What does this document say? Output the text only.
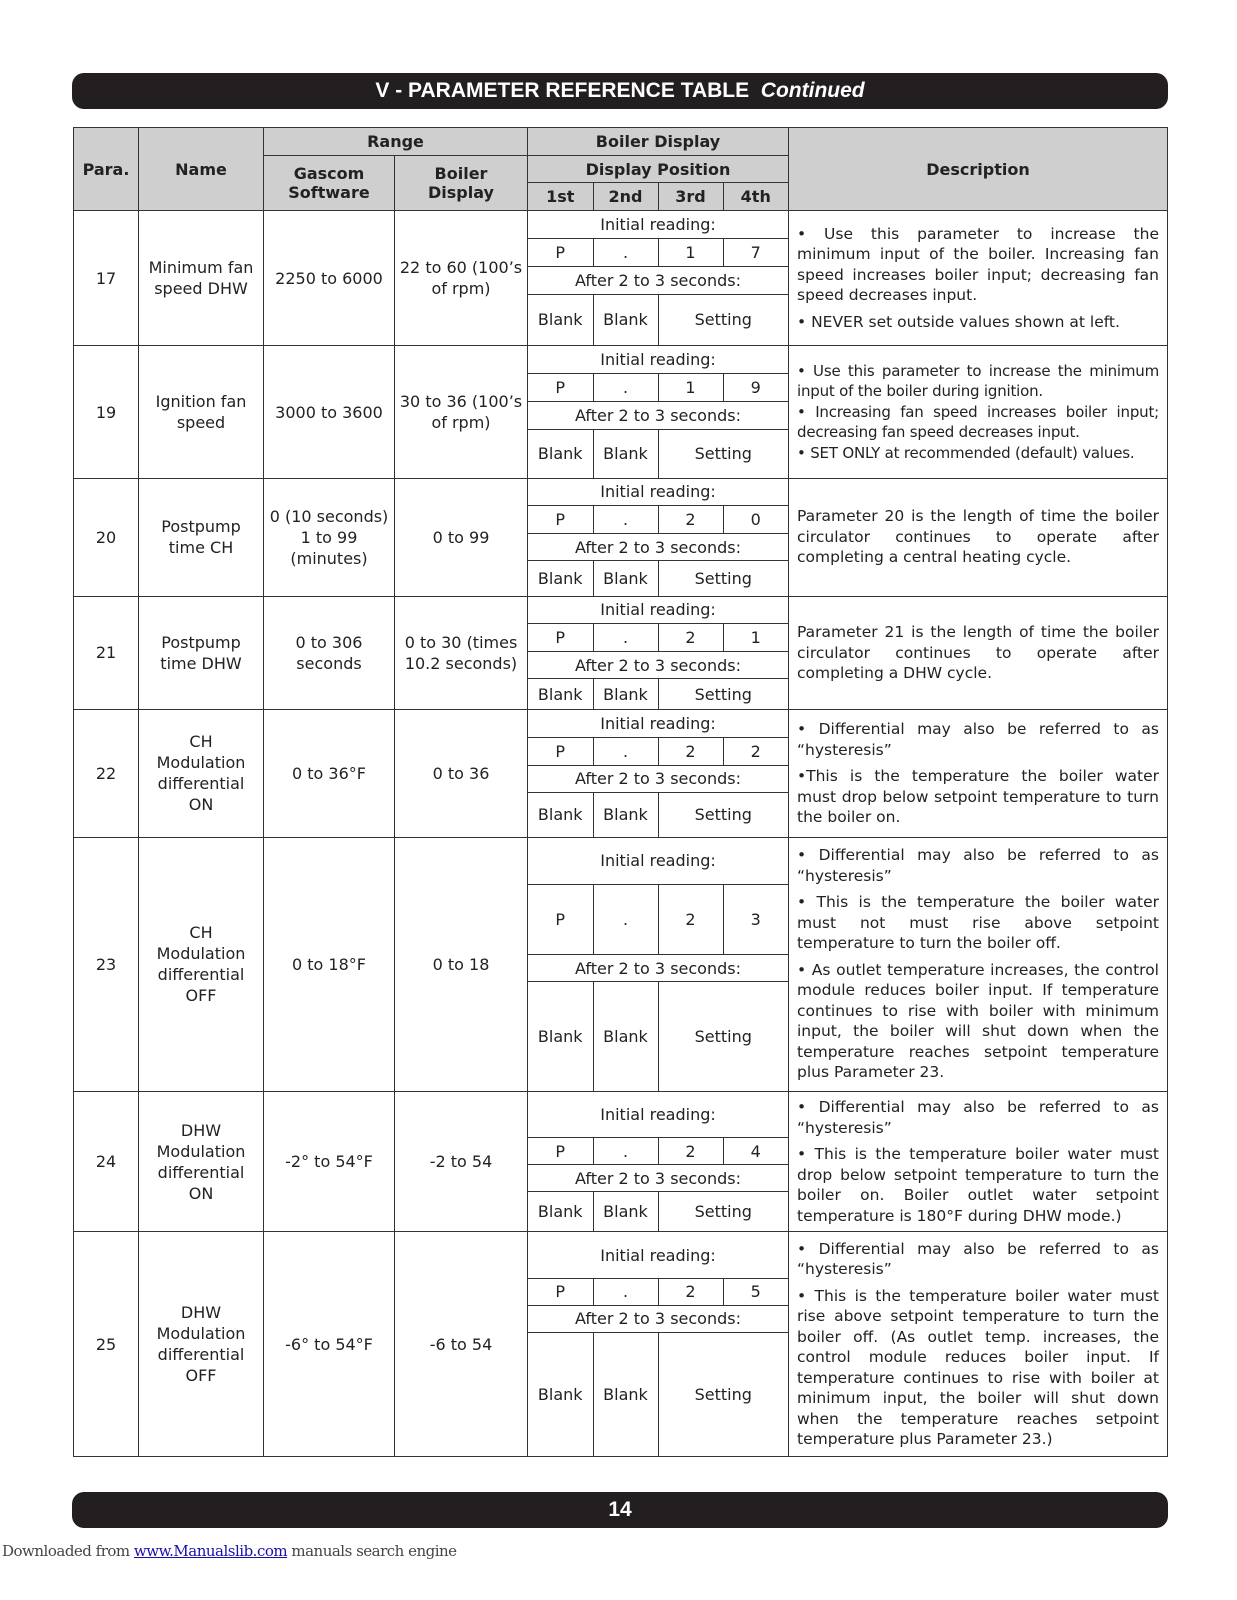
V - PARAMETER REFERENCE TABLE Continued
Para.	Name	Range	Boiler Display	Description
Gascom Software	Boiler Display	Display Position

1st	2nd	3rd	4th

17	Minimum fan speed DHW	2250 to 6000	22 to 60 (100’s of rpm)	
Initial reading:
P	.	1	7
After 2 to 3 seconds:
Blank	Blank	Setting

• Use this parameter to increase the minimum input of the boiler. Increasing fan speed increases boiler input; decreasing fan speed decreases input.

• NEVER set outside values shown at left.

19	Ignition fan speed	3000 to 3600	30 to 36 (100’s of rpm)	
Initial reading:
P	.	1	9
After 2 to 3 seconds:
Blank	Blank	Setting

• Use this parameter to increase the minimum input of the boiler during ignition.

• Increasing fan speed increases boiler input; decreasing fan speed decreases input.

• SET ONLY at recommended (default) values.

20	Postpump time CH	0 (10 seconds) 1 to 99 (minutes)	0 to 99	
Initial reading:
P	.	2	0
After 2 to 3 seconds:
Blank	Blank	Setting

Parameter 20 is the length of time the boiler circulator continues to operate after completing a central heating cycle.

21	Postpump time DHW	0 to 306 seconds	0 to 30 (times 10.2 seconds)	
Initial reading:
P	.	2	1
After 2 to 3 seconds:
Blank	Blank	Setting

Parameter 21 is the length of time the boiler circulator continues to operate after completing a DHW cycle.

22	CH Modulation differential ON	0 to 36°F	0 to 36	
Initial reading:
P	.	2	2
After 2 to 3 seconds:
Blank	Blank	Setting

• Differential may also be referred to as “hysteresis”

•This is the temperature the boiler water must drop below setpoint temperature to turn the boiler on.

23	CH Modulation differential OFF	0 to 18°F	0 to 18	
Initial reading:
P	.	2	3
After 2 to 3 seconds:
Blank	Blank	Setting

• Differential may also be referred to as “hysteresis”

• This is the temperature the boiler water must not must rise above setpoint temperature to turn the boiler off.

• As outlet temperature increases, the control module reduces boiler input. If temperature continues to rise with boiler with minimum input, the boiler will shut down when the temperature reaches setpoint temperature plus Parameter 23.

24	DHW Modulation differential ON	-2° to 54°F	-2 to 54	
Initial reading:
P	.	2	4
After 2 to 3 seconds:
Blank	Blank	Setting

• Differential may also be referred to as “hysteresis”

• This is the temperature boiler water must drop below setpoint temperature to turn the boiler on. Boiler outlet water setpoint temperature is 180°F during DHW mode.)

25	DHW Modulation differential OFF	-6° to 54°F	-6 to 54	
Initial reading:
P	.	2	5
After 2 to 3 seconds:
Blank	Blank	Setting

• Differential may also be referred to as “hysteresis”

• This is the temperature boiler water must rise above setpoint temperature to turn the boiler off. (As outlet temp. increases, the control module reduces boiler input. If temperature continues to rise with boiler at minimum input, the boiler will shut down when the temperature reaches setpoint temperature plus Parameter 23.)

14
Downloaded from www.Manualslib.com manuals search engine
